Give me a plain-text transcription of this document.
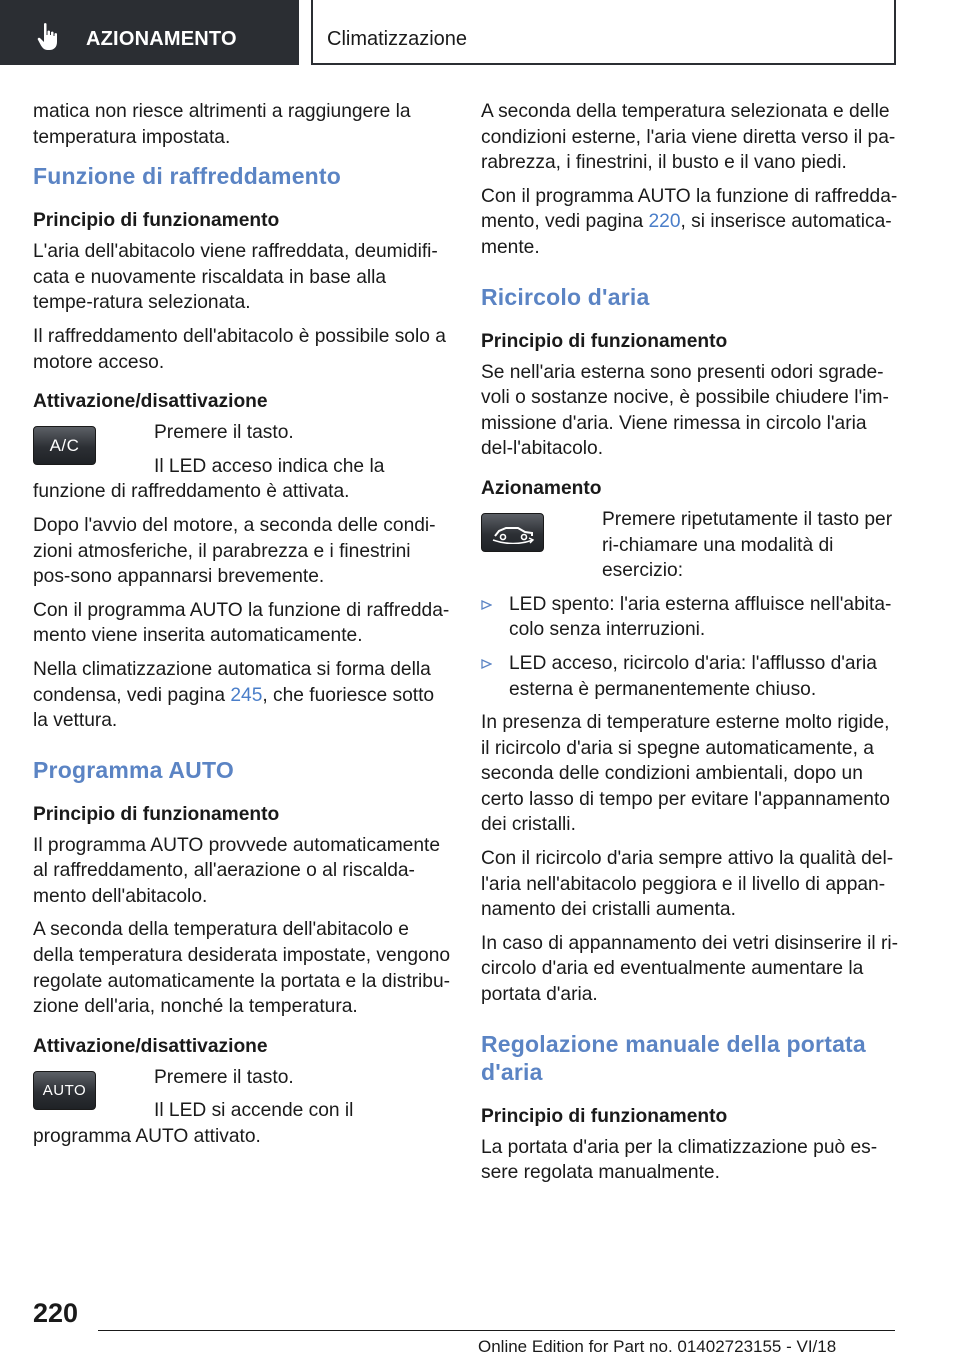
AZIONAMENTO	Climatizzazione

matica non riesce altrimenti a raggiungere la temperatura impostata.

Funzione di raffreddamento
Principio di funzionamento

L'aria dell'abitacolo viene raffreddata, deumidifi-cata e nuovamente riscaldata in base alla tempe-ratura selezionata.

Il raffreddamento dell'abitacolo è possibile solo a motore acceso.

Attivazione/disattivazione
A/C

Premere il tasto.

Il LED acceso indica che la funzione di raffreddamento è attivata.

Dopo l'avvio del motore, a seconda delle condi-zioni atmosferiche, il parabrezza e i finestrini pos-sono appannarsi brevemente.

Con il programma AUTO la funzione di raffredda-mento viene inserita automaticamente.

Nella climatizzazione automatica si forma della condensa, vedi pagina 245, che fuoriesce sotto la vettura.

Programma AUTO
Principio di funzionamento

Il programma AUTO provvede automaticamente al raffreddamento, all'aerazione o al riscalda-mento dell'abitacolo.

A seconda della temperatura dell'abitacolo e della temperatura desiderata impostate, vengono regolate automaticamente la portata e la distribu-zione dell'aria, nonché la temperatura.

Attivazione/disattivazione
AUTO

Premere il tasto.

Il LED si accende con il programma AUTO attivato.

A seconda della temperatura selezionata e delle condizioni esterne, l'aria viene diretta verso il pa-rabrezza, i finestrini, il busto e il vano piedi.

Con il programma AUTO la funzione di raffredda-mento, vedi pagina 220, si inserisce automatica-mente.

Ricircolo d'aria
Principio di funzionamento

Se nell'aria esterna sono presenti odori sgrade-voli o sostanze nocive, è possibile chiudere l'im-missione d'aria. Viene rimessa in circolo l'aria del-l'abitacolo.

Azionamento

Premere ripetutamente il tasto per ri-chiamare una modalità di esercizio:

LED spento: l'aria esterna affluisce nell'abita-colo senza interruzioni.
LED acceso, ricircolo d'aria: l'afflusso d'aria esterna è permanentemente chiuso.

In presenza di temperature esterne molto rigide, il ricircolo d'aria si spegne automaticamente, a seconda delle condizioni ambientali, dopo un certo lasso di tempo per evitare l'appannamento dei cristalli.

Con il ricircolo d'aria sempre attivo la qualità del-l'aria nell'abitacolo peggiora e il livello di appan-namento dei cristalli aumenta.

In caso di appannamento dei vetri disinserire il ri-circolo d'aria ed eventualmente aumentare la portata d'aria.

Regolazione manuale della portata d'aria
Principio di funzionamento

La portata d'aria per la climatizzazione può es-sere regolata manualmente.

220
Online Edition for Part no. 01402723155 - VI/18
